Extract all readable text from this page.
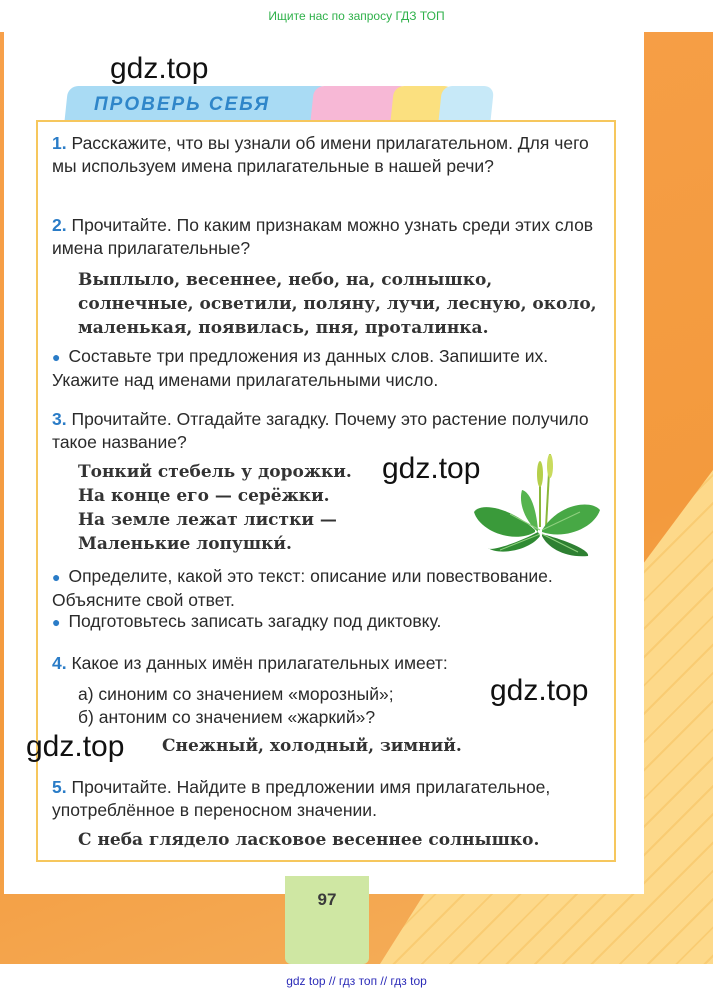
Ищите нас по запросу ГДЗ ТОП
97
ПРОВЕРЬ СЕБЯ
gdz.top
1. Расскажите, что вы узнали об имени прилагательном. Для чего мы используем имена прилагательные в нашей речи?
2. Прочитайте. По каким признакам можно узнать среди этих слов имена прилагательные?
Выплыло, весеннее, небо, на, солнышко, солнечные, осветили, поляну, лучи, лесную, около, маленькая, появилась, пня, проталинка.
● Составьте три предложения из данных слов. Запишите их. Укажите над именами прилагательными число.
3. Прочитайте. Отгадайте загадку. Почему это растение получило такое название?
Тонкий стебель у дорожки.
На конце его — серёжки.
На земле лежат листки —
Маленькие лопушки́.
gdz.top
● Определите, какой это текст: описание или повествование. Объясните свой ответ.
● Подготовьтесь записать загадку под диктовку.
4. Какое из данных имён прилагательных имеет:
а) синоним со значением «морозный»;
б) антоним со значением «жаркий»?
gdz.top
gdz.top Снежный, холодный, зимний.
5. Прочитайте. Найдите в предложении имя прилагательное, употреблённое в переносном значении.
С неба глядело ласковое весеннее солнышко.
gdz top // гдз топ // гдз top
